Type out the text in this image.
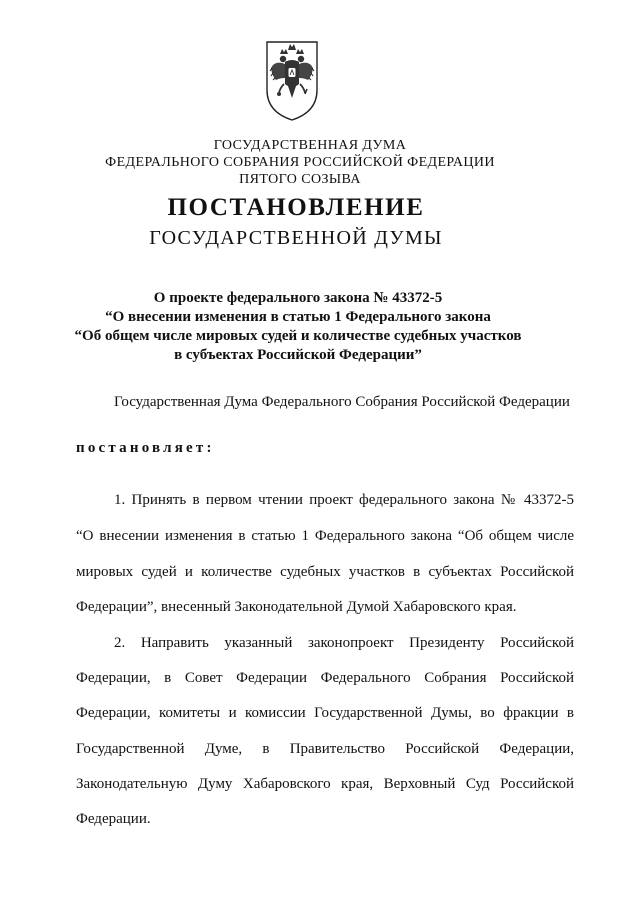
ГОСУДАРСТВЕННАЯ ДУМА
ФЕДЕРАЛЬНОГО СОБРАНИЯ РОССИЙСКОЙ ФЕДЕРАЦИИ
ПЯТОГО СОЗЫВА
ПОСТАНОВЛЕНИЕ
ГОСУДАРСТВЕННОЙ ДУМЫ
О проекте федерального закона № 43372-5
“О внесении изменения в статью 1 Федерального закона
“Об общем числе мировых судей и количестве судебных участков
в субъектах Российской Федерации”
Государственная Дума Федерального Собрания Российской Федерации
постановляет:
1. Принять в первом чтении проект федерального закона № 43372-5
“О внесении изменения в статью 1 Федерального закона “Об общем числе
мировых судей и количестве судебных участков в субъектах Российской
Федерации”, внесенный Законодательной Думой Хабаровского края.
2. Направить указанный законопроект Президенту Российской
Федерации, в Совет Федерации Федерального Собрания Российской
Федерации, комитеты и комиссии Государственной Думы, во фракции в
Государственной Думе, в Правительство Российской Федерации,
Законодательную Думу Хабаровского края, Верховный Суд Российской
Федерации.
